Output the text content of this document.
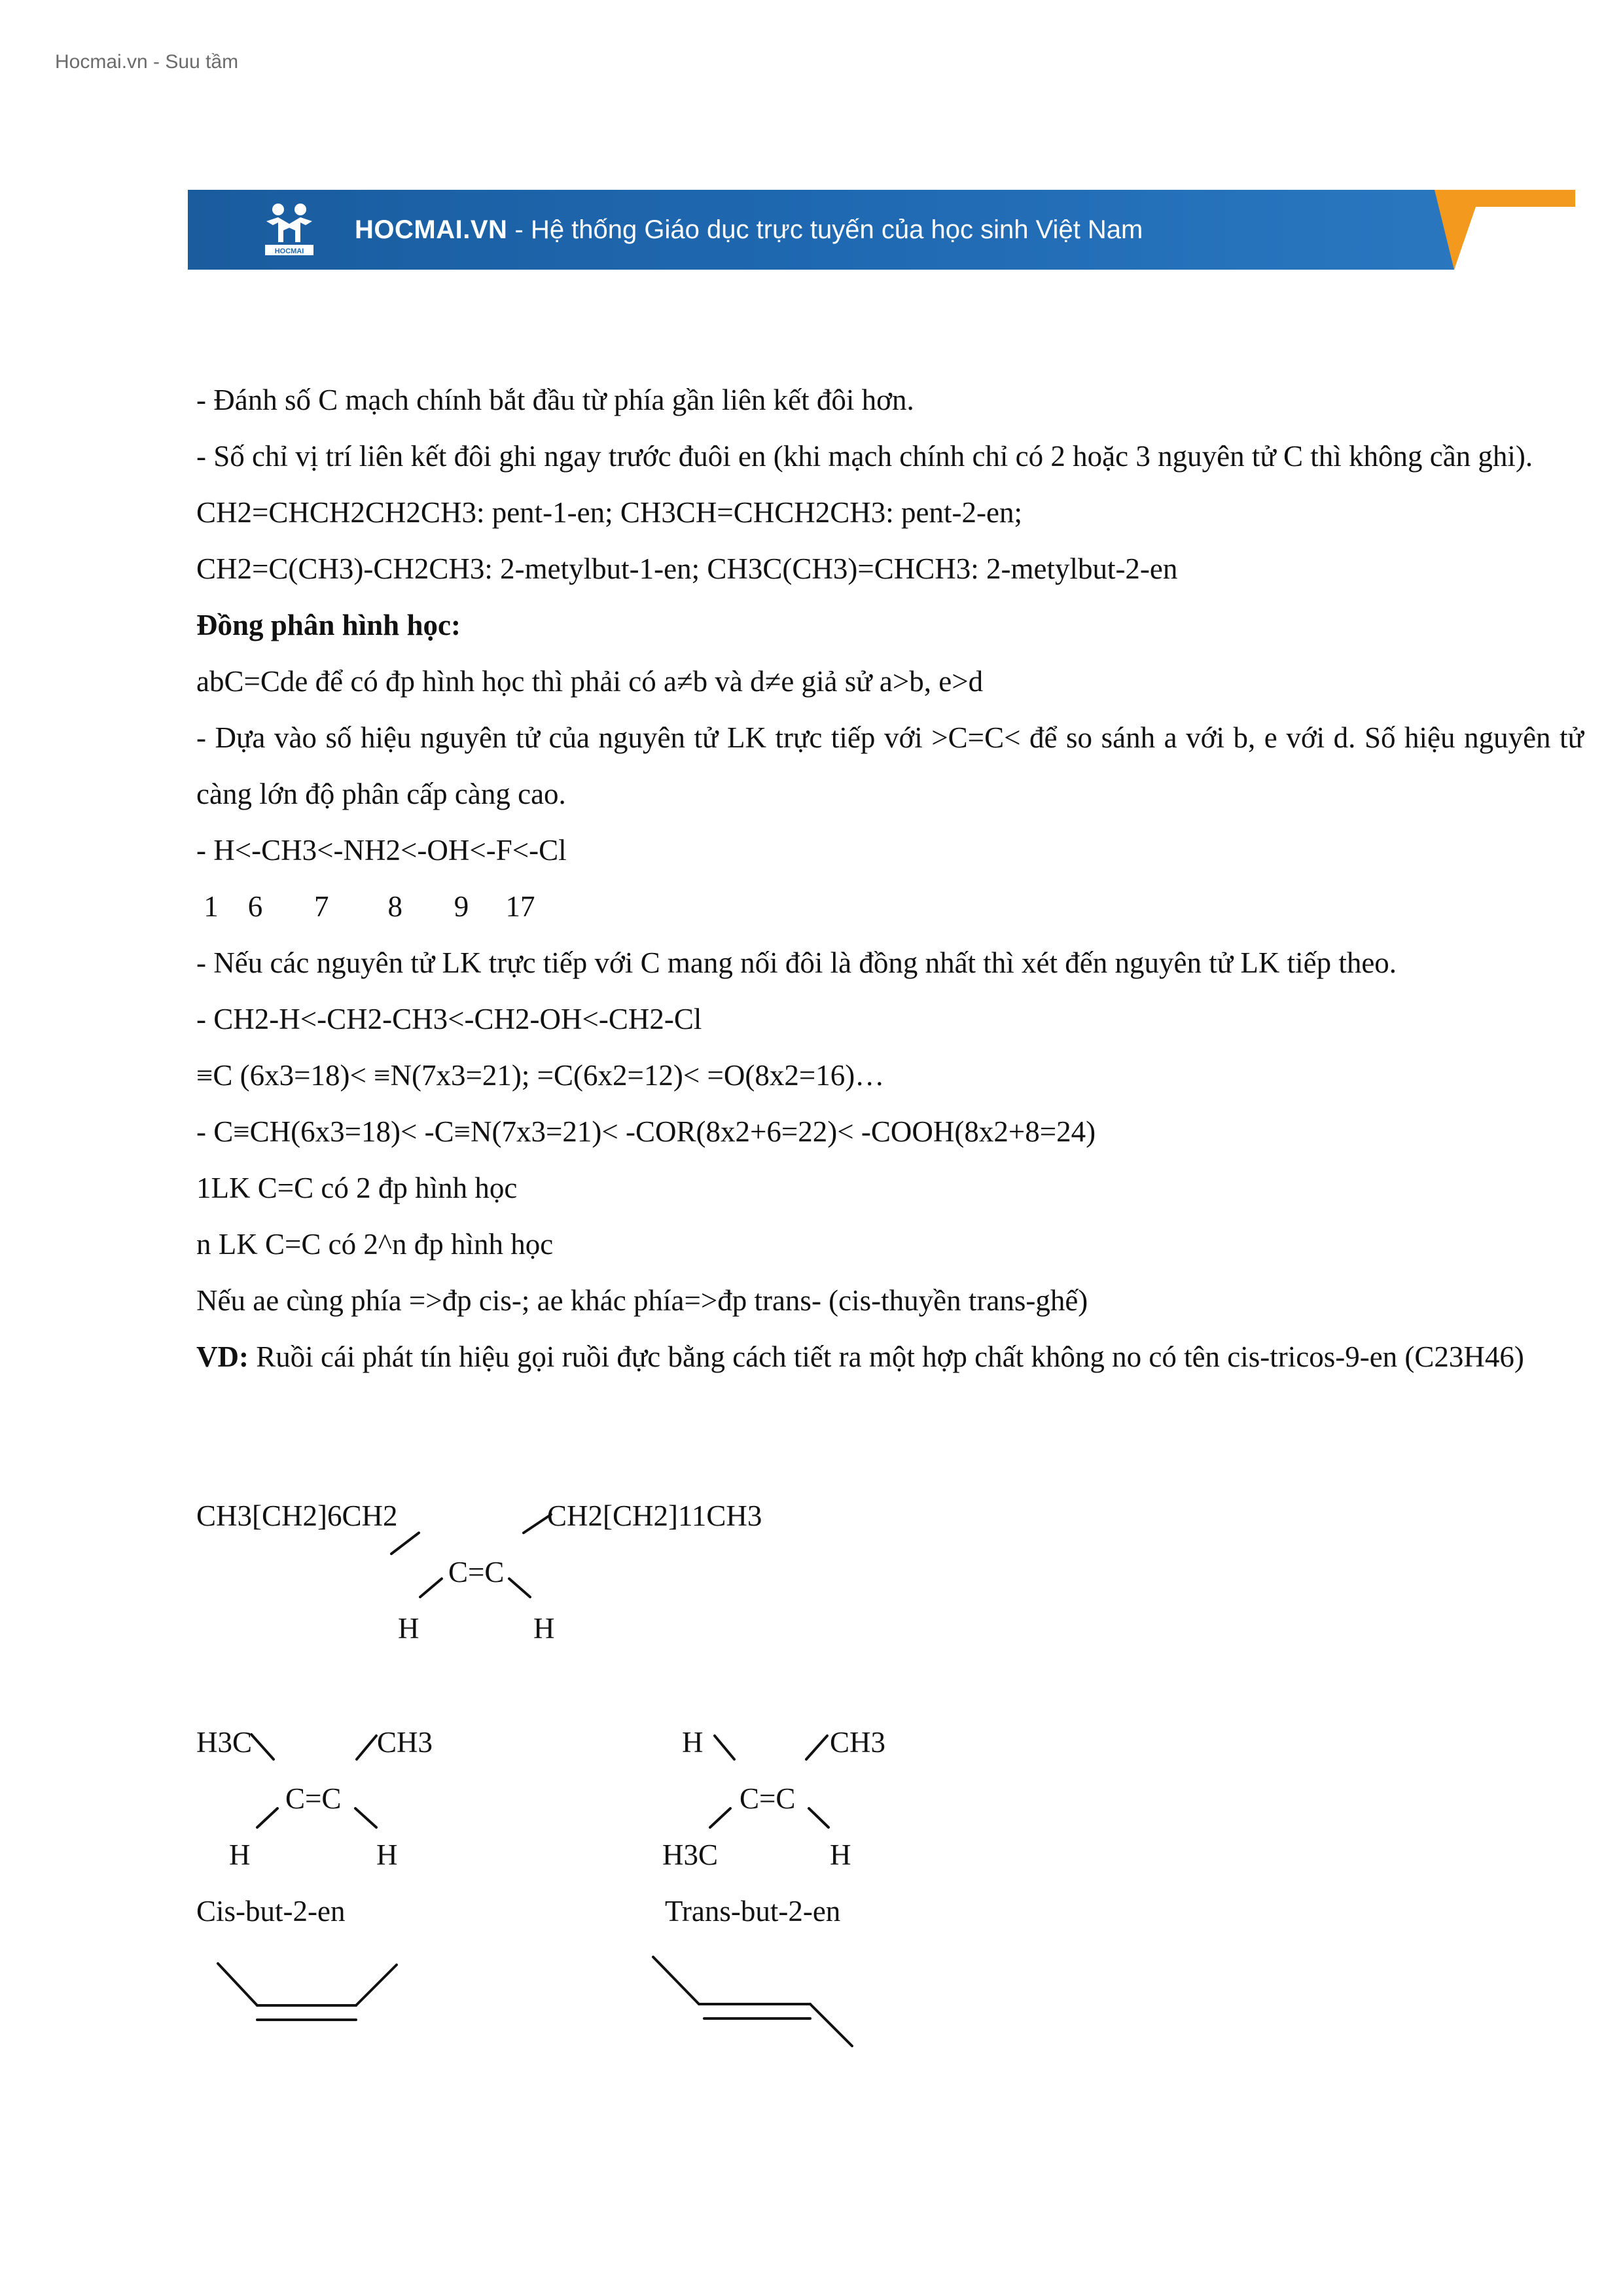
Hocmai.vn - Suu tầm
HOCMAI
HOCMAI.VN - Hệ thống Giáo dục trực tuyến của học sinh Việt Nam

- Đánh số C mạch chính bắt đầu từ phía gần liên kết đôi hơn.

- Số chỉ vị trí liên kết đôi ghi ngay trước đuôi en (khi mạch chính chỉ có 2 hoặc 3 nguyên tử C thì không cần ghi).

CH2=CHCH2CH2CH3: pent-1-en; CH3CH=CHCH2CH3: pent-2-en;

CH2=C(CH3)-CH2CH3: 2-metylbut-1-en; CH3C(CH3)=CHCH3: 2-metylbut-2-en

Đồng phân hình học:

abC=Cde để có đp hình học thì phải có a≠b và d≠e giả sử a>b, e>d

- Dựa vào số hiệu nguyên tử của nguyên tử LK trực tiếp với >C=C< để so sánh a với b, e với d. Số hiệu nguyên tử càng lớn độ phân cấp càng cao.

- H<-CH3<-NH2<-OH<-F<-Cl

1    6       7        8       9     17

- Nếu các nguyên tử LK trực tiếp với C mang nối đôi là đồng nhất thì xét đến nguyên tử LK tiếp theo.

- CH2-H<-CH2-CH3<-CH2-OH<-CH2-Cl

≡C (6x3=18)< ≡N(7x3=21); =C(6x2=12)< =O(8x2=16)…

- C≡CH(6x3=18)< -C≡N(7x3=21)< -COR(8x2+6=22)< -COOH(8x2+8=24)

1LK C=C có 2 đp hình học

n LK C=C có 2^n đp hình học

Nếu ae cùng phía =>đp cis-; ae khác phía=>đp trans- (cis-thuyền trans-ghế)

VD: Ruồi cái phát tín hiệu gọi ruồi đực bằng cách tiết ra một hợp chất không no có tên cis-tricos-9-en (C23H46)

CH3[CH2]6CH2	CH2[CH2]11CH3
C=C
H	H
H3C	CH3
C=C
H	H
Cis-but-2-en
H	CH3
C=C
H3C	H
Trans-but-2-en
